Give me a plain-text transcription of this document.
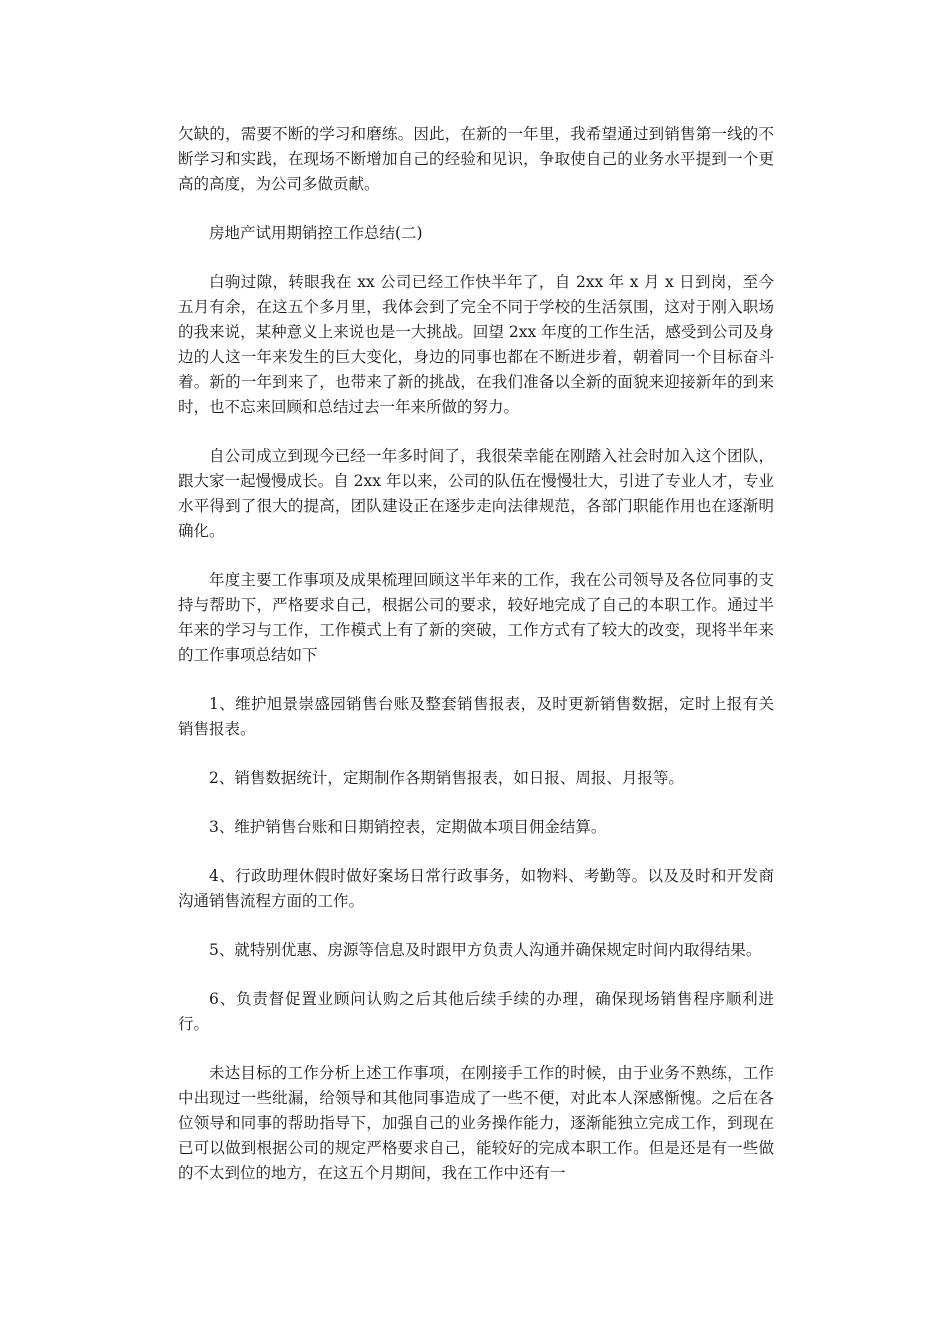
欠缺的，需要不断的学习和磨练。因此，在新的一年里，我希望通过到销售第一线的不断学习和实践，在现场不断增加自己的经验和见识，争取使自己的业务水平提到一个更高的高度，为公司多做贡献。

房地产试用期销控工作总结(二)

白驹过隙，转眼我在 xx 公司已经工作快半年了，自 2xx 年 x 月 x 日到岗，至今五月有余，在这五个多月里，我体会到了完全不同于学校的生活氛围，这对于刚入职场的我来说，某种意义上来说也是一大挑战。回望 2xx 年度的工作生活，感受到公司及身边的人这一年来发生的巨大变化，身边的同事也都在不断进步着，朝着同一个目标奋斗着。新的一年到来了，也带来了新的挑战，在我们准备以全新的面貌来迎接新年的到来时，也不忘来回顾和总结过去一年来所做的努力。

自公司成立到现今已经一年多时间了，我很荣幸能在刚踏入社会时加入这个团队，跟大家一起慢慢成长。自 2xx 年以来，公司的队伍在慢慢壮大，引进了专业人才，专业水平得到了很大的提高，团队建设正在逐步走向法律规范，各部门职能作用也在逐渐明确化。

年度主要工作事项及成果梳理回顾这半年来的工作，我在公司领导及各位同事的支持与帮助下，严格要求自己，根据公司的要求，较好地完成了自己的本职工作。通过半年来的学习与工作，工作模式上有了新的突破，工作方式有了较大的改变，现将半年来的工作事项总结如下

1、维护旭景崇盛园销售台账及整套销售报表，及时更新销售数据，定时上报有关销售报表。

2、销售数据统计，定期制作各期销售报表，如日报、周报、月报等。

3、维护销售台账和日期销控表，定期做本项目佣金结算。

4、行政助理休假时做好案场日常行政事务，如物料、考勤等。以及及时和开发商沟通销售流程方面的工作。

5、就特别优惠、房源等信息及时跟甲方负责人沟通并确保规定时间内取得结果。

6、负责督促置业顾问认购之后其他后续手续的办理，确保现场销售程序顺利进行。

未达目标的工作分析上述工作事项，在刚接手工作的时候，由于业务不熟练，工作中出现过一些纰漏，给领导和其他同事造成了一些不便，对此本人深感惭愧。之后在各位领导和同事的帮助指导下，加强自己的业务操作能力，逐渐能独立完成工作，到现在已可以做到根据公司的规定严格要求自己，能较好的完成本职工作。但是还是有一些做的不太到位的地方，在这五个月期间，我在工作中还有一
